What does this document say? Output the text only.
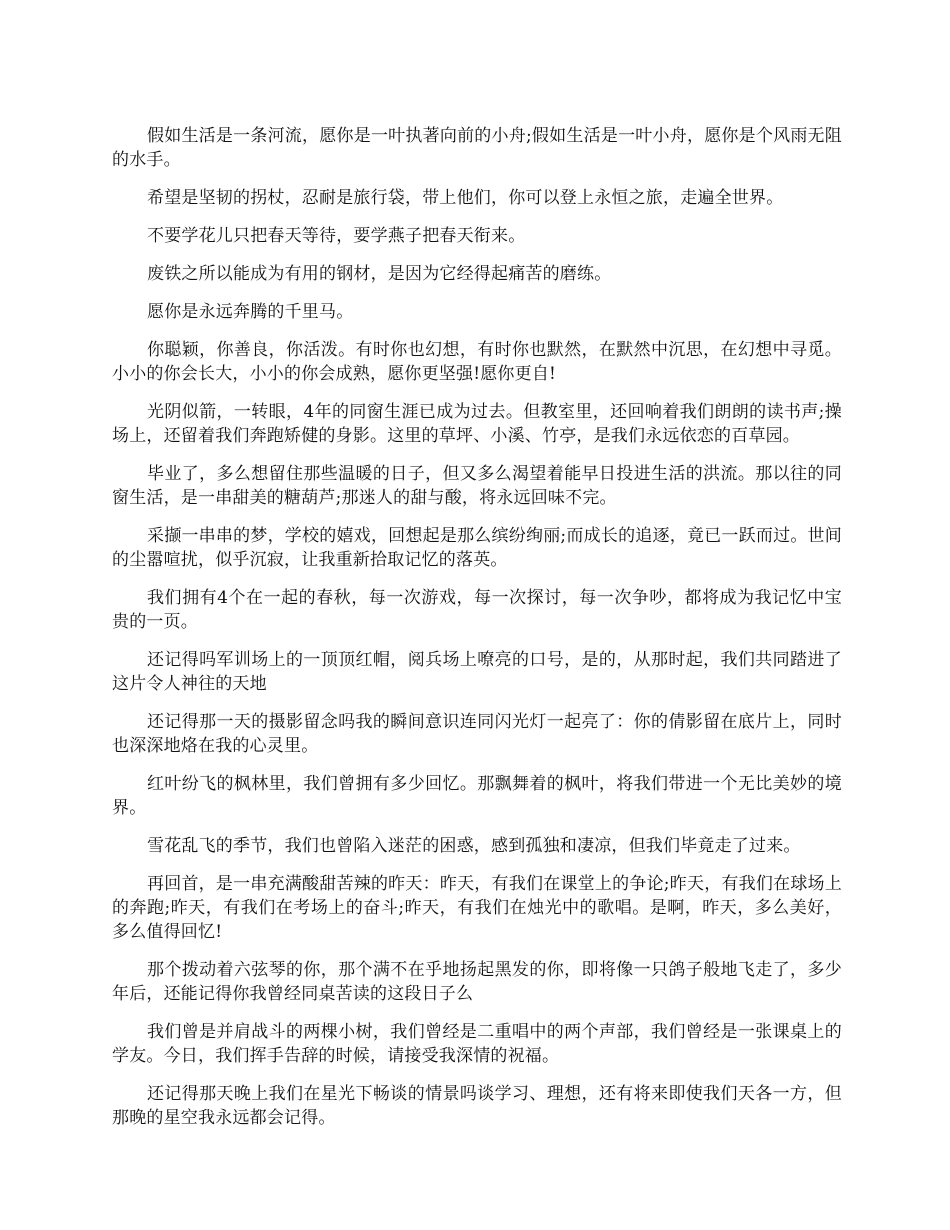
假如生活是一条河流，愿你是一叶执著向前的小舟;假如生活是一叶小舟，愿你是个风雨无阻的水手。

希望是坚韧的拐杖，忍耐是旅行袋，带上他们，你可以登上永恒之旅，走遍全世界。

不要学花儿只把春天等待，要学燕子把春天衔来。

废铁之所以能成为有用的钢材，是因为它经得起痛苦的磨练。

愿你是永远奔腾的千里马。

你聪颖，你善良，你活泼。有时你也幻想，有时你也默然，在默然中沉思，在幻想中寻觅。小小的你会长大，小小的你会成熟，愿你更坚强!愿你更自!

光阴似箭，一转眼，4年的同窗生涯已成为过去。但教室里，还回响着我们朗朗的读书声;操场上，还留着我们奔跑矫健的身影。这里的草坪、小溪、竹亭，是我们永远依恋的百草园。

毕业了，多么想留住那些温暖的日子，但又多么渴望着能早日投进生活的洪流。那以往的同窗生活，是一串甜美的糖葫芦;那迷人的甜与酸，将永远回味不完。

采撷一串串的梦，学校的嬉戏，回想起是那么缤纷绚丽;而成长的追逐，竟已一跃而过。世间的尘嚣喧扰，似乎沉寂，让我重新拾取记忆的落英。

我们拥有4个在一起的春秋，每一次游戏，每一次探讨，每一次争吵，都将成为我记忆中宝贵的一页。

还记得吗军训场上的一顶顶红帽，阅兵场上嘹亮的口号，是的，从那时起，我们共同踏进了这片令人神往的天地

还记得那一天的摄影留念吗我的瞬间意识连同闪光灯一起亮了：你的倩影留在底片上，同时也深深地烙在我的心灵里。

红叶纷飞的枫林里，我们曾拥有多少回忆。那飘舞着的枫叶，将我们带进一个无比美妙的境界。

雪花乱飞的季节，我们也曾陷入迷茫的困惑，感到孤独和凄凉，但我们毕竟走了过来。

再回首，是一串充满酸甜苦辣的昨天：昨天，有我们在课堂上的争论;昨天，有我们在球场上的奔跑;昨天，有我们在考场上的奋斗;昨天，有我们在烛光中的歌唱。是啊，昨天，多么美好，多么值得回忆!

那个拨动着六弦琴的你，那个满不在乎地扬起黑发的你，即将像一只鸽子般地飞走了，多少年后，还能记得你我曾经同桌苦读的这段日子么

我们曾是并肩战斗的两棵小树，我们曾经是二重唱中的两个声部，我们曾经是一张课桌上的学友。今日，我们挥手告辞的时候，请接受我深情的祝福。

还记得那天晚上我们在星光下畅谈的情景吗谈学习、理想，还有将来即使我们天各一方，但那晚的星空我永远都会记得。
